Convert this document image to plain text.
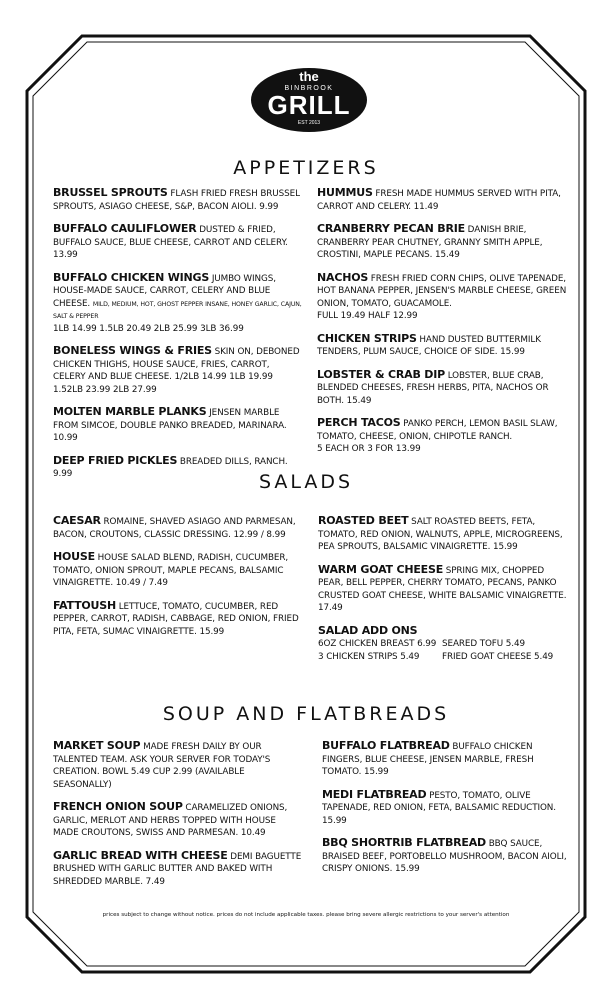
the
BINBROOK
GRILL
EST 2013
APPETIZERS
BRUSSEL SPROUTS FLASH FRIED FRESH BRUSSEL SPROUTS, ASIAGO CHEESE, S&P, BACON AIOLI. 9.99
BUFFALO CAULIFLOWER DUSTED & FRIED, BUFFALO SAUCE, BLUE CHEESE, CARROT AND CELERY. 13.99
BUFFALO CHICKEN WINGS JUMBO WINGS, HOUSE-MADE SAUCE, CARROT, CELERY AND BLUE CHEESE. MILD, MEDIUM, HOT, GHOST PEPPER INSANE, HONEY GARLIC, CAJUN, SALT & PEPPER
1LB 14.99 1.5LB 20.49 2LB 25.99 3LB 36.99
BONELESS WINGS & FRIES SKIN ON, DEBONED CHICKEN THIGHS, HOUSE SAUCE, FRIES, CARROT, CELERY AND BLUE CHEESE. 1/2LB 14.99 1LB 19.99 1.52LB 23.99 2LB 27.99
MOLTEN MARBLE PLANKS JENSEN MARBLE FROM SIMCOE, DOUBLE PANKO BREADED, MARINARA. 10.99
DEEP FRIED PICKLES BREADED DILLS, RANCH. 9.99
HUMMUS FRESH MADE HUMMUS SERVED WITH PITA, CARROT AND CELERY. 11.49
CRANBERRY PECAN BRIE DANISH BRIE, CRANBERRY PEAR CHUTNEY, GRANNY SMITH APPLE, CROSTINI, MAPLE PECANS. 15.49
NACHOS FRESH FRIED CORN CHIPS, OLIVE TAPENADE, HOT BANANA PEPPER, JENSEN'S MARBLE CHEESE, GREEN ONION, TOMATO, GUACAMOLE.
FULL 19.49 HALF 12.99
CHICKEN STRIPS HAND DUSTED BUTTERMILK TENDERS, PLUM SAUCE, CHOICE OF SIDE. 15.99
LOBSTER & CRAB DIP LOBSTER, BLUE CRAB, BLENDED CHEESES, FRESH HERBS, PITA, NACHOS OR BOTH. 15.49
PERCH TACOS PANKO PERCH, LEMON BASIL SLAW, TOMATO, CHEESE, ONION, CHIPOTLE RANCH.
5 EACH OR 3 FOR 13.99
SALADS
CAESAR ROMAINE, SHAVED ASIAGO AND PARMESAN, BACON, CROUTONS, CLASSIC DRESSING. 12.99 / 8.99
HOUSE HOUSE SALAD BLEND, RADISH, CUCUMBER, TOMATO, ONION SPROUT, MAPLE PECANS, BALSAMIC VINAIGRETTE. 10.49 / 7.49
FATTOUSH LETTUCE, TOMATO, CUCUMBER, RED PEPPER, CARROT, RADISH, CABBAGE, RED ONION, FRIED PITA, FETA, SUMAC VINAIGRETTE. 15.99
ROASTED BEET SALT ROASTED BEETS, FETA, TOMATO, RED ONION, WALNUTS, APPLE, MICROGREENS, PEA SPROUTS, BALSAMIC VINAIGRETTE. 15.99
WARM GOAT CHEESE SPRING MIX, CHOPPED PEAR, BELL PEPPER, CHERRY TOMATO, PECANS, PANKO CRUSTED GOAT CHEESE, WHITE BALSAMIC VINAIGRETTE. 17.49
SALAD ADD ONS
6OZ CHICKEN BREAST 6.99 SEARED TOFU 5.49
3 CHICKEN STRIPS 5.49	FRIED GOAT CHEESE 5.49
SOUP AND FLATBREADS
MARKET SOUP MADE FRESH DAILY BY OUR TALENTED TEAM. ASK YOUR SERVER FOR TODAY'S CREATION. BOWL 5.49 CUP 2.99 (AVAILABLE SEASONALLY)
FRENCH ONION SOUP CARAMELIZED ONIONS, GARLIC, MERLOT AND HERBS TOPPED WITH HOUSE MADE CROUTONS, SWISS AND PARMESAN. 10.49
GARLIC BREAD WITH CHEESE DEMI BAGUETTE BRUSHED WITH GARLIC BUTTER AND BAKED WITH SHREDDED MARBLE. 7.49
BUFFALO FLATBREAD BUFFALO CHICKEN FINGERS, BLUE CHEESE, JENSEN MARBLE, FRESH TOMATO. 15.99
MEDI FLATBREAD PESTO, TOMATO, OLIVE TAPENADE, RED ONION, FETA, BALSAMIC REDUCTION. 15.99
BBQ SHORTRIB FLATBREAD BBQ SAUCE, BRAISED BEEF, PORTOBELLO MUSHROOM, BACON AIOLI, CRISPY ONIONS. 15.99
prices subject to change without notice. prices do not include applicable taxes. please bring severe allergic restrictions to your server's attention
